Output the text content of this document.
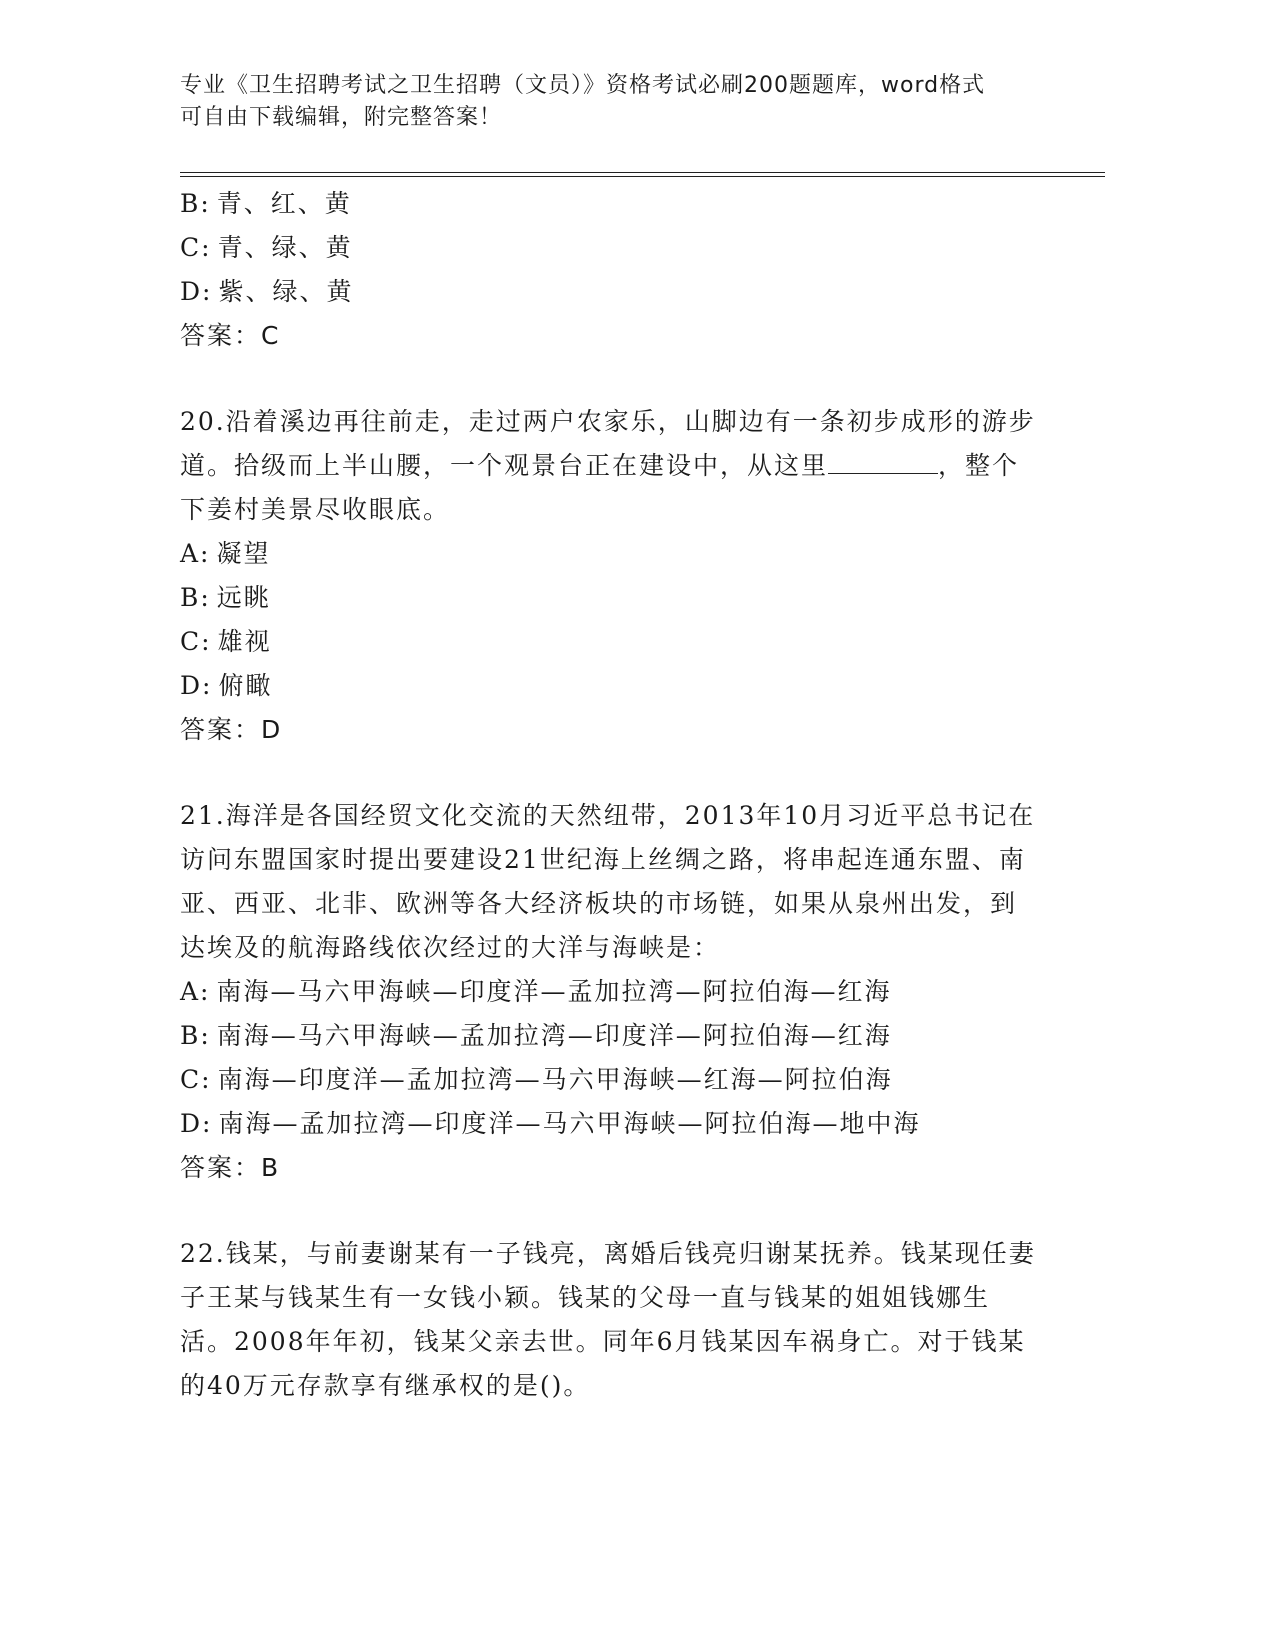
专业《卫生招聘考试之卫生招聘（文员）》资格考试必刷200题题库，word格式
可自由下载编辑，附完整答案！
B: 青、红、黄
C: 青、绿、黄
D: 紫、绿、黄
答案：C
20.沿着溪边再往前走，走过两户农家乐，山脚边有一条初步成形的游步道。拾级而上半山腰，一个观景台正在建设中，从这里	，整个下姜村美景尽收眼底。
A: 凝望
B: 远眺
C: 雄视
D: 俯瞰
答案：D
21.海洋是各国经贸文化交流的天然纽带，2013年10月习近平总书记在访问东盟国家时提出要建设21世纪海上丝绸之路，将串起连通东盟、南亚、西亚、北非、欧洲等各大经济板块的市场链，如果从泉州出发，到达埃及的航海路线依次经过的大洋与海峡是：
A: 南海—马六甲海峡—印度洋—孟加拉湾—阿拉伯海—红海
B: 南海—马六甲海峡—孟加拉湾—印度洋—阿拉伯海—红海
C: 南海—印度洋—孟加拉湾—马六甲海峡—红海—阿拉伯海
D: 南海—孟加拉湾—印度洋—马六甲海峡—阿拉伯海—地中海
答案：B
22.钱某，与前妻谢某有一子钱亮，离婚后钱亮归谢某抚养。钱某现任妻子王某与钱某生有一女钱小颖。钱某的父母一直与钱某的姐姐钱娜生活。2008年年初，钱某父亲去世。同年6月钱某因车祸身亡。对于钱某的40万元存款享有继承权的是()。
